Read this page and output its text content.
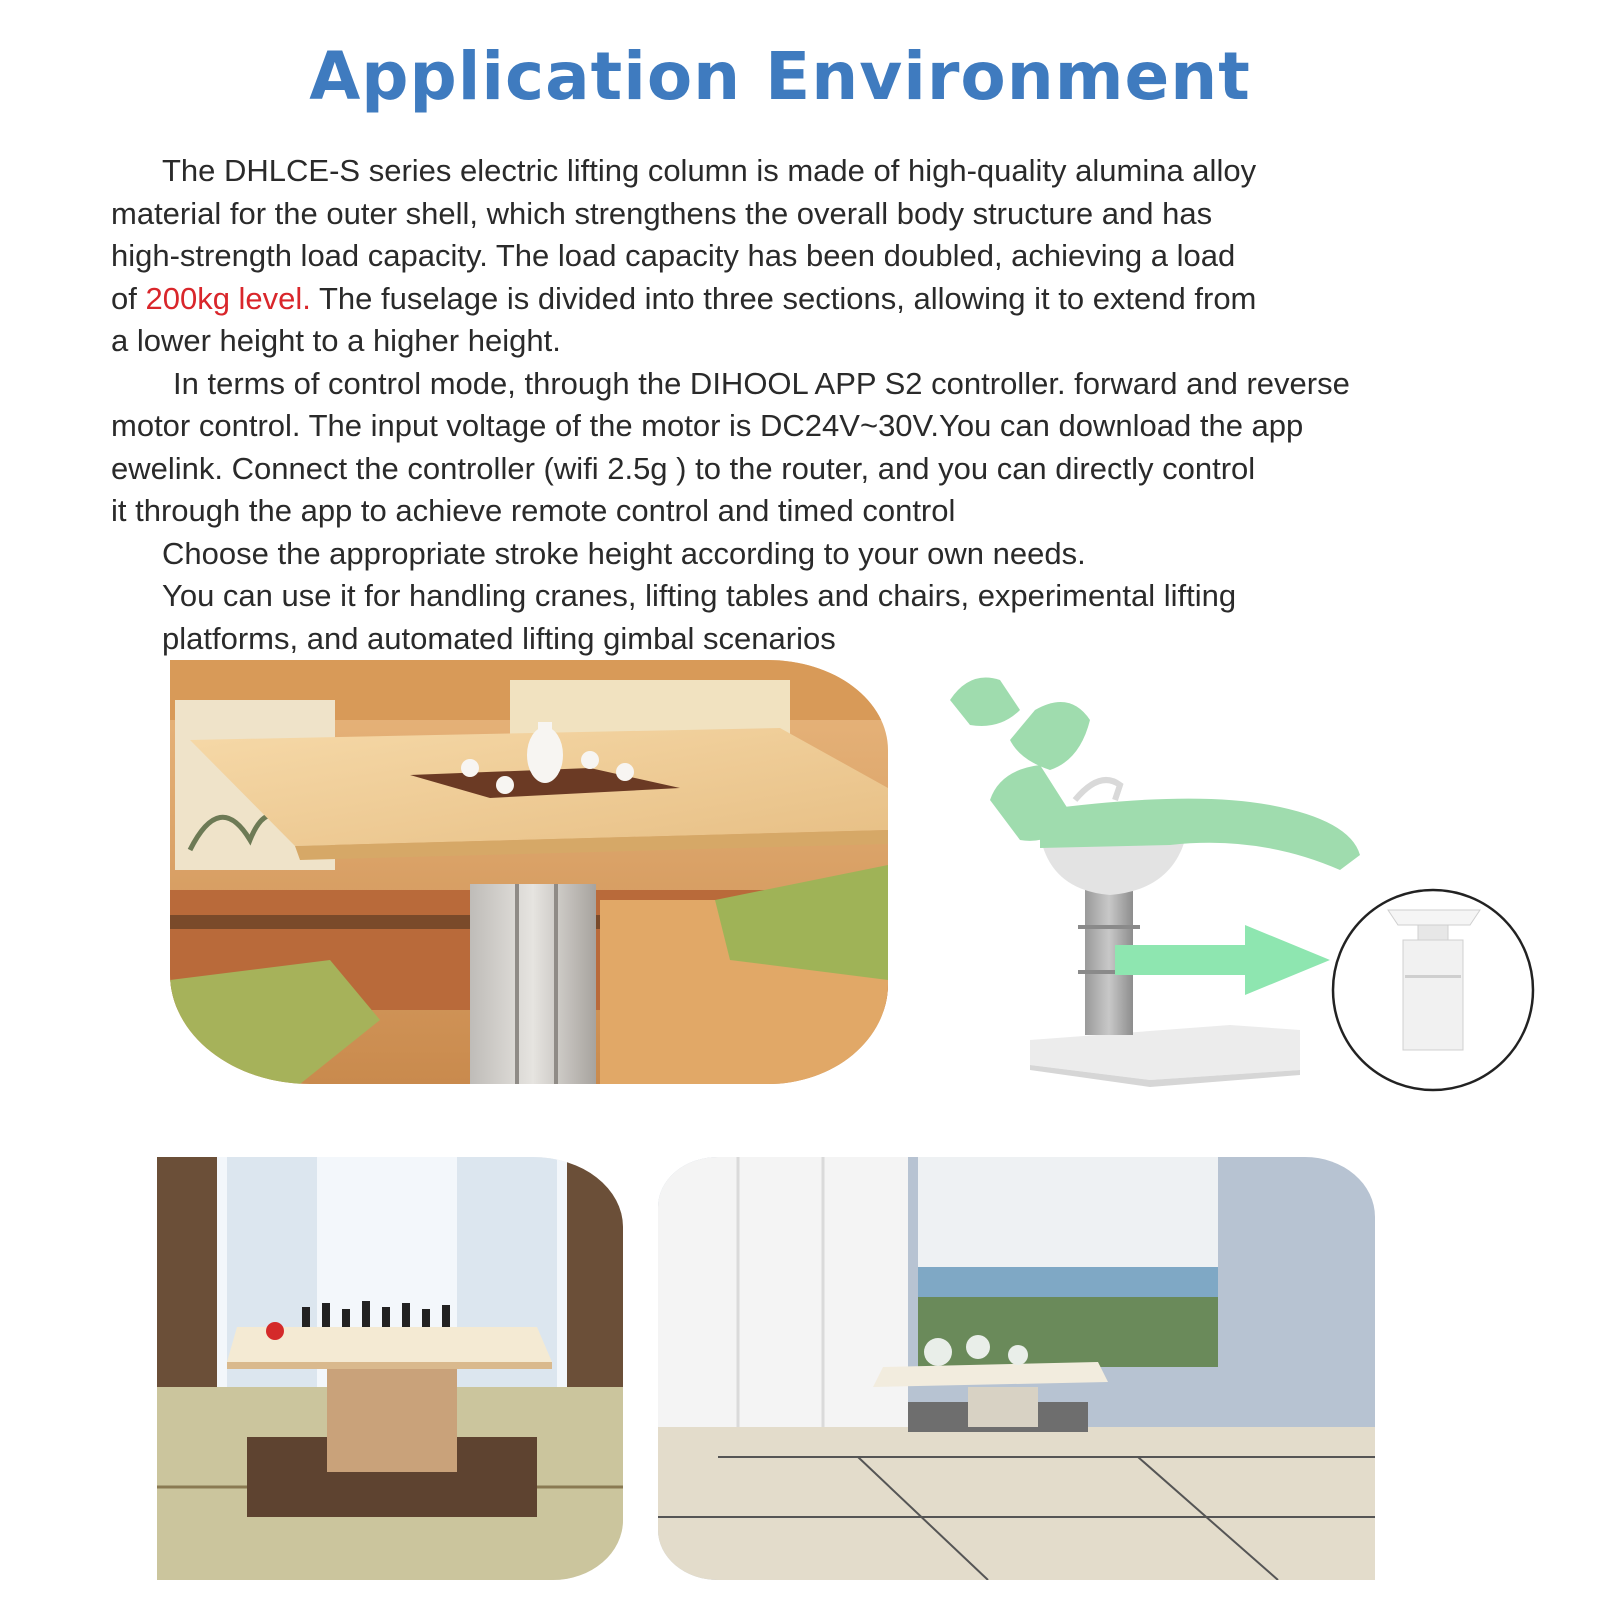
Application Environment
The DHLCE-S series electric lifting column is made of high-quality alumina alloy
material for the outer shell, which strengthens the overall body structure and has
high-strength load capacity. The load capacity has been doubled, achieving a load
of 200kg level. The fuselage is divided into three sections, allowing it to extend from
a lower height to a higher height.
In terms of control mode, through the DIHOOL APP S2 controller. forward and reverse
motor control. The input voltage of the motor is DC24V~30V.You can download the app
ewelink. Connect the controller (wifi 2.5g ) to the router, and you can directly control
it through the app to achieve remote control and timed control
Choose the appropriate stroke height according to your own needs.
You can use it for handling cranes, lifting tables and chairs, experimental lifting
platforms, and automated lifting gimbal scenarios
